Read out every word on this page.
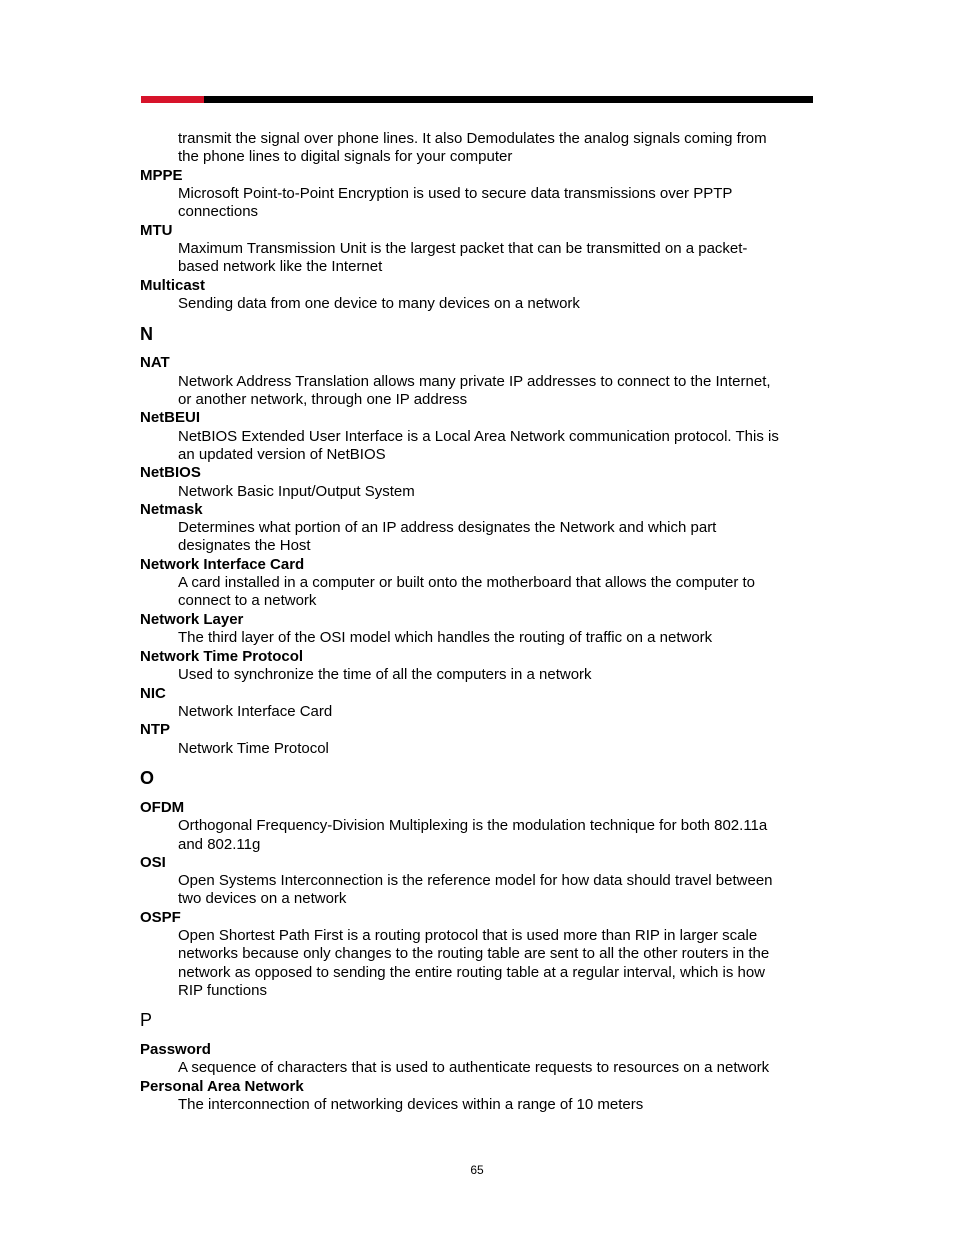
transmit the signal over phone lines. It also Demodulates the analog signals coming from
the phone lines to digital signals for your computer
MPPE
Microsoft Point-to-Point Encryption is used to secure data transmissions over PPTP
connections
MTU
Maximum Transmission Unit is the largest packet that can be transmitted on a packet-
based network like the Internet
Multicast
Sending data from one device to many devices on a network
N
NAT
Network Address Translation allows many private IP addresses to connect to the Internet,
or another network, through one IP address
NetBEUI
NetBIOS Extended User Interface is a Local Area Network communication protocol. This is
an updated version of NetBIOS
NetBIOS
Network Basic Input/Output System
Netmask
Determines what portion of an IP address designates the Network and which part
designates the Host
Network Interface Card
A card installed in a computer or built onto the motherboard that allows the computer to
connect to a network
Network Layer
The third layer of the OSI model which handles the routing of traffic on a network
Network Time Protocol
Used to synchronize the time of all the computers in a network
NIC
Network Interface Card
NTP
Network Time Protocol
O
OFDM
Orthogonal Frequency-Division Multiplexing is the modulation technique for both 802.11a
and 802.11g
OSI
Open Systems Interconnection is the reference model for how data should travel between
two devices on a network
OSPF
Open Shortest Path First is a routing protocol that is used more than RIP in larger scale
networks because only changes to the routing table are sent to all the other routers in the
network as opposed to sending the entire routing table at a regular interval, which is how
RIP functions
P
Password
A sequence of characters that is used to authenticate requests to resources on a network
Personal Area Network
The interconnection of networking devices within a range of 10 meters
65
